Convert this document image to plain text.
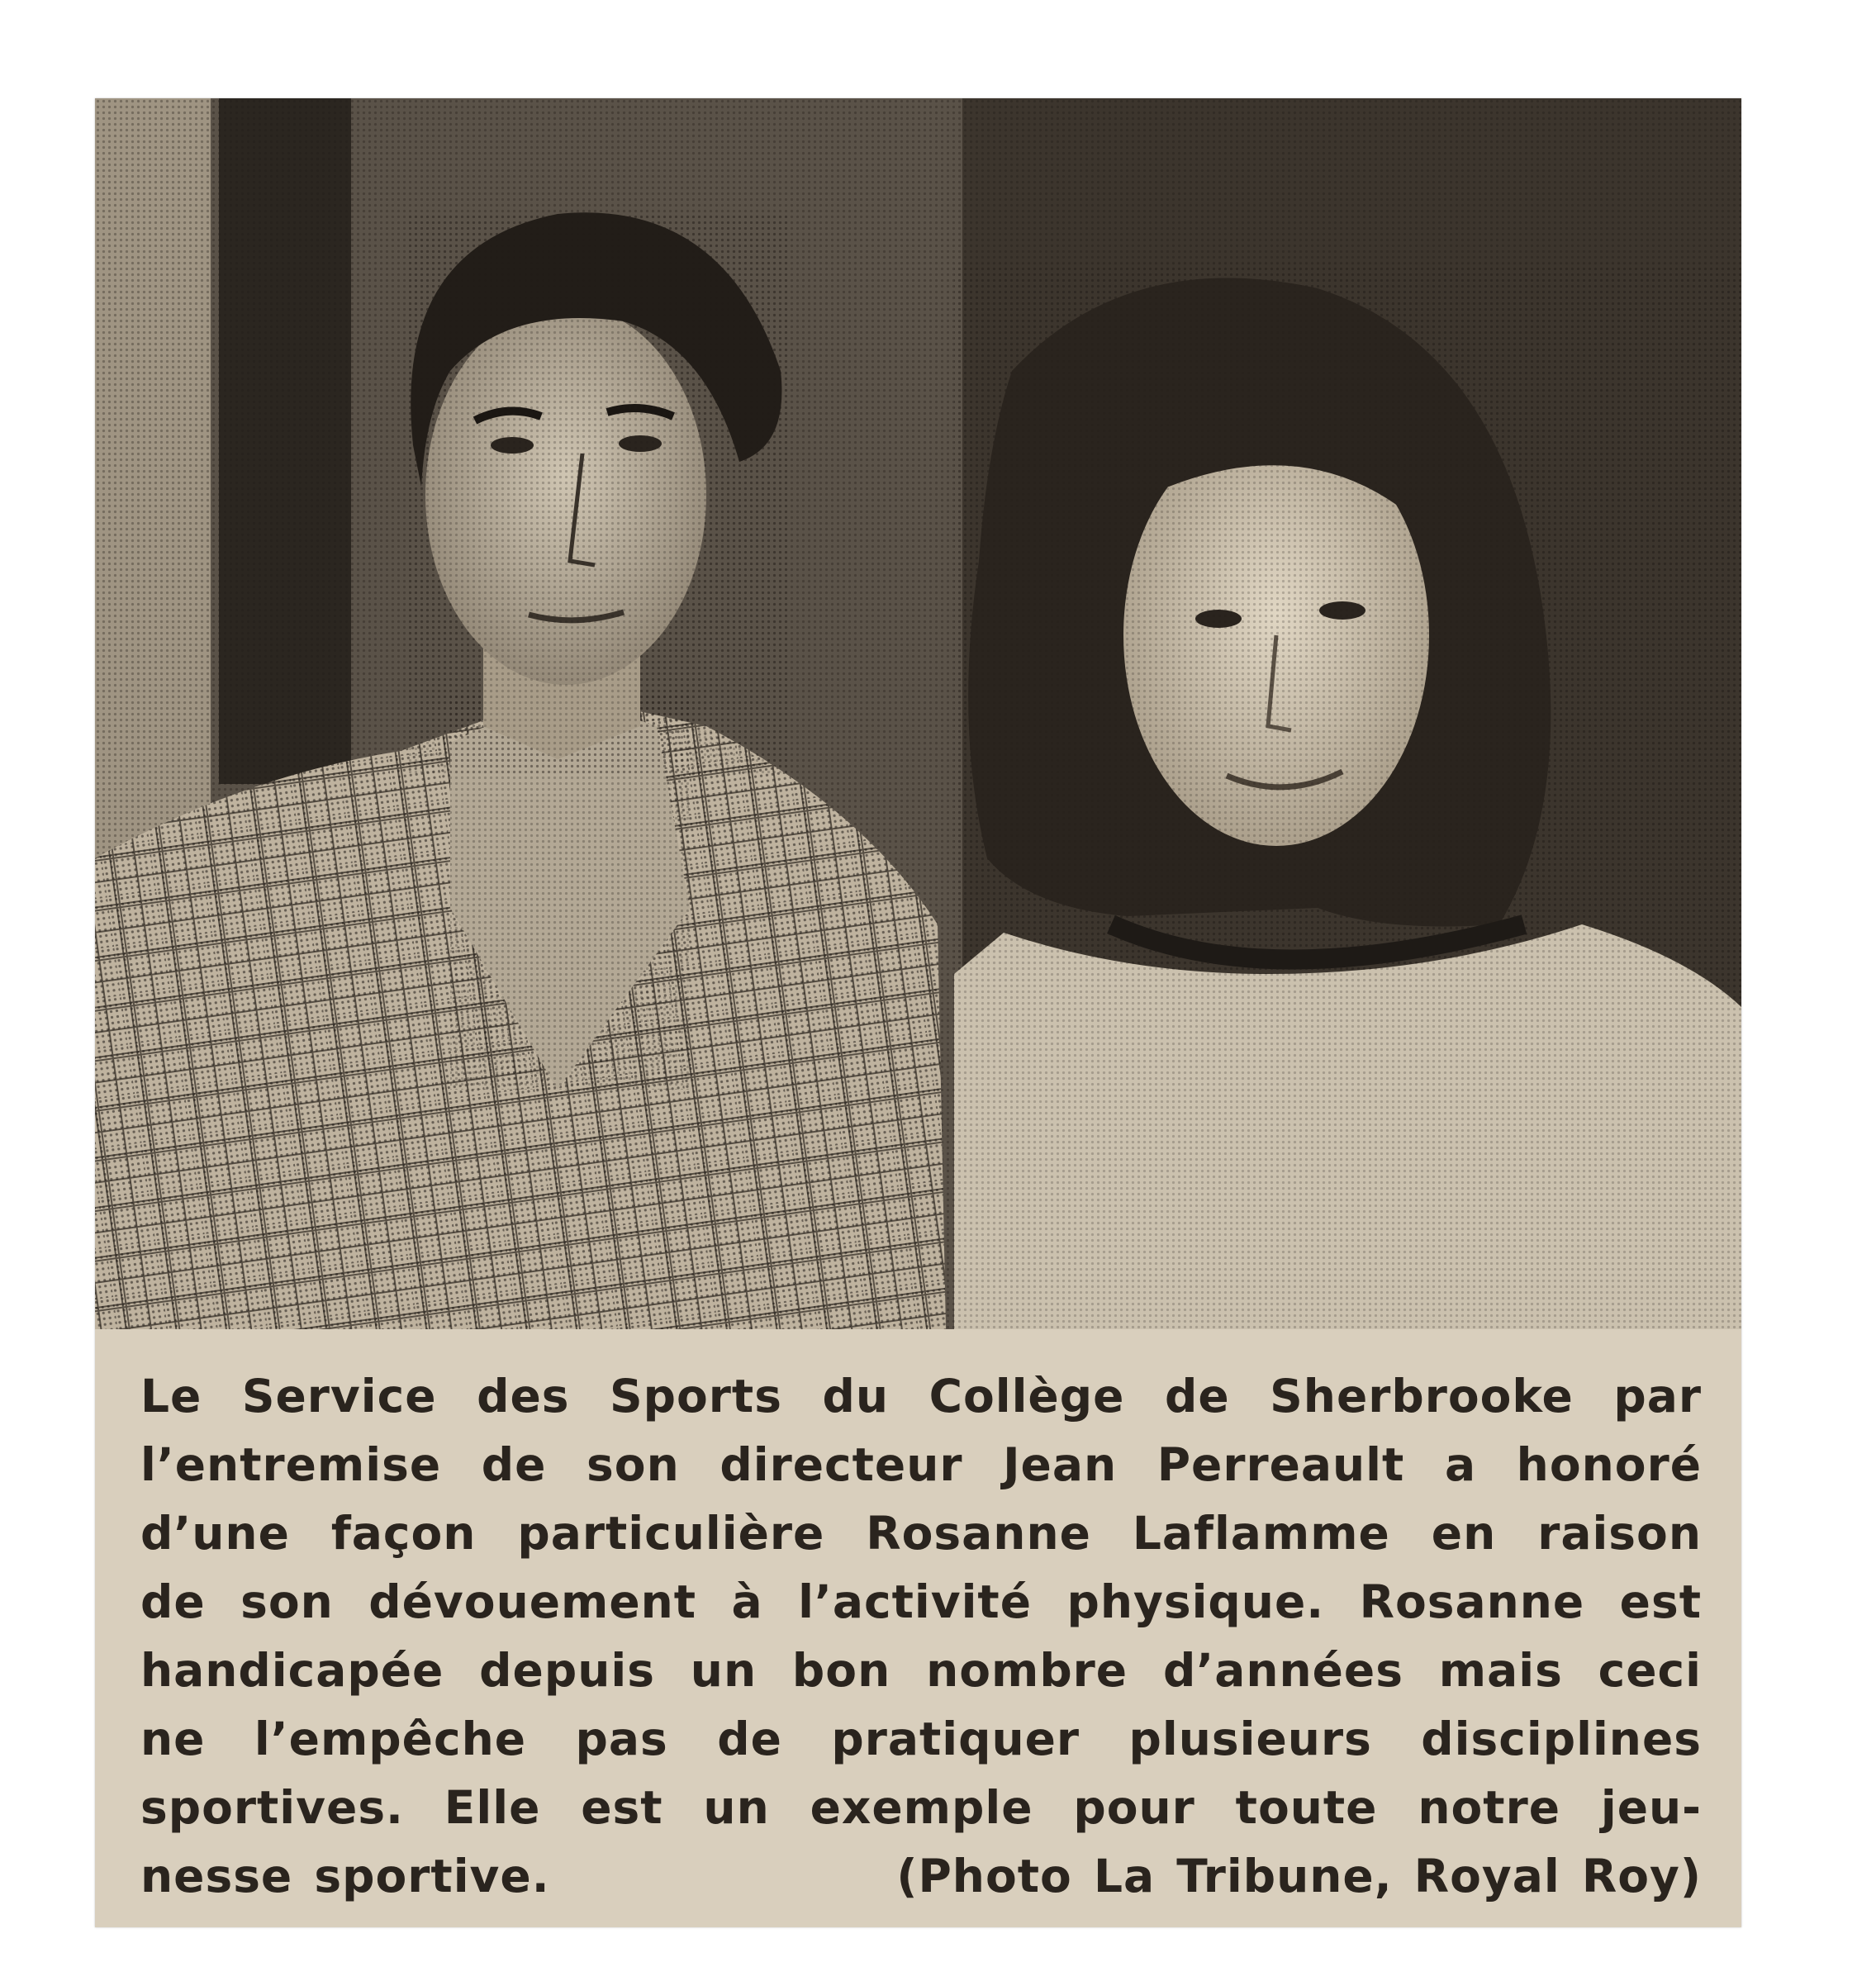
Le Service des Sports du Collège de Sherbrooke par
l’entremise de son directeur Jean Perreault a honoré
d’une façon particulière Rosanne Laflamme en raison
de son dévouement à l’activité physique. Rosanne est
handicapée depuis un bon nombre d’années mais ceci
ne l’empêche pas de pratiquer plusieurs disciplines
sportives. Elle est un exemple pour toute notre jeu-
nesse sportive.	(Photo La Tribune, Royal Roy)
